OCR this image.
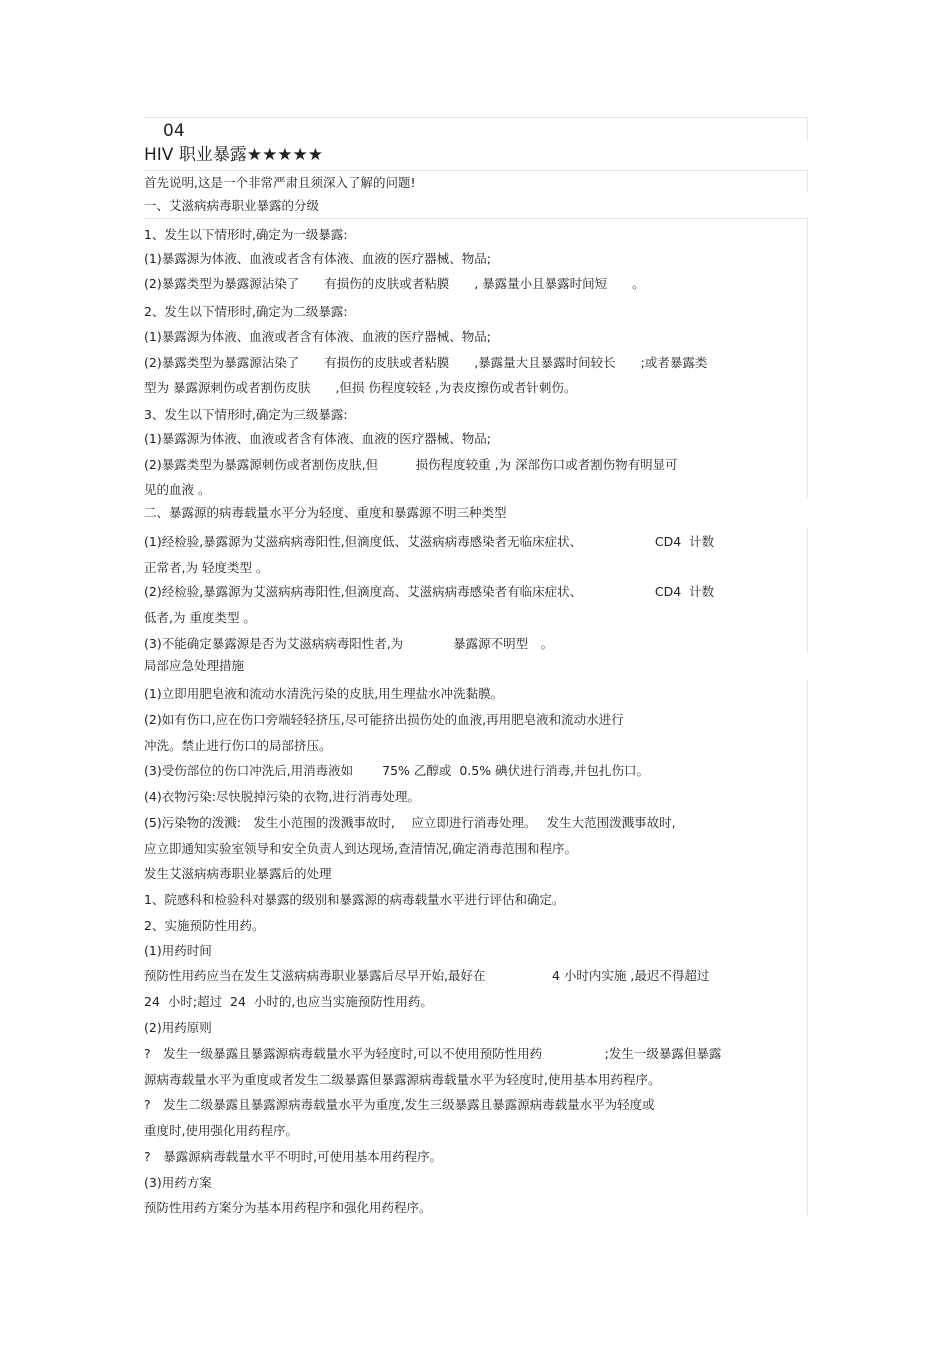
04
HIV 职业暴露★★★★★
首先说明,这是一个非常严肃且须深入了解的问题!
一、艾滋病病毒职业暴露的分级
1、发生以下情形时,确定为一级暴露:
(1)暴露源为体液、血液或者含有体液、血液的医疗器械、物品;
(2)暴露类型为暴露源沾染了　　有损伤的皮肤或者粘膜　　, 暴露量小且暴露时间短　　。
2、发生以下情形时,确定为二级暴露:
(1)暴露源为体液、血液或者含有体液、血液的医疗器械、物品;
(2)暴露类型为暴露源沾染了　　有损伤的皮肤或者粘膜　　,暴露量大且暴露时间较长　　;或者暴露类
型为 暴露源刺伤或者割伤皮肤　　,但损 伤程度较轻 ,为表皮擦伤或者针刺伤。
3、发生以下情形时,确定为三级暴露:
(1)暴露源为体液、血液或者含有体液、血液的医疗器械、物品;
(2)暴露类型为暴露源刺伤或者割伤皮肤,但　　　损伤程度较重 ,为 深部伤口或者割伤物有明显可
见的血液 。
二、暴露源的病毒载量水平分为轻度、重度和暴露源不明三种类型
(1)经检验,暴露源为艾滋病病毒阳性,但滴度低、艾滋病病毒感染者无临床症状、　　　　　　 CD4  计数
正常者,为 轻度类型 。
(2)经检验,暴露源为艾滋病病毒阳性,但滴度高、艾滋病病毒感染者有临床症状、　　　　　　 CD4  计数
低者,为 重度类型 。
(3)不能确定暴露源是否为艾滋病病毒阳性者,为　　　　暴露源不明型　。
局部应急处理措施
(1)立即用肥皂液和流动水清洗污染的皮肤,用生理盐水冲洗黏膜。
(2)如有伤口,应在伤口旁端轻轻挤压,尽可能挤出损伤处的血液,再用肥皂液和流动水进行
冲洗。禁止进行伤口的局部挤压。
(3)受伤部位的伤口冲洗后,用消毒液如　　 75% 乙醇或  0.5% 碘伏进行消毒,并包扎伤口。
(4)衣物污染:尽快脱掉污染的衣物,进行消毒处理。
(5)污染物的泼溅:　发生小范围的泼溅事故时,　 应立即进行消毒处理。　 发生大范围泼溅事故时,
应立即通知实验室领导和安全负责人到达现场,查清情况,确定消毒范围和程序。
发生艾滋病病毒职业暴露后的处理
1、院感科和检验科对暴露的级别和暴露源的病毒载量水平进行评估和确定。
2、实施预防性用药。
(1)用药时间
预防性用药应当在发生艾滋病病毒职业暴露后尽早开始,最好在　　　　　 4 小时内实施 ,最迟不得超过
24  小时;超过  24  小时的,也应当实施预防性用药。
(2)用药原则
?　发生一级暴露且暴露源病毒载量水平为轻度时,可以不使用预防性用药　　　　　;发生一级暴露但暴露
源病毒载量水平为重度或者发生二级暴露但暴露源病毒载量水平为轻度时,使用基本用药程序。
?　发生二级暴露且暴露源病毒载量水平为重度,发生三级暴露且暴露源病毒载量水平为轻度或
重度时,使用强化用药程序。
?　暴露源病毒载量水平不明时,可使用基本用药程序。
(3)用药方案
预防性用药方案分为基本用药程序和强化用药程序。
